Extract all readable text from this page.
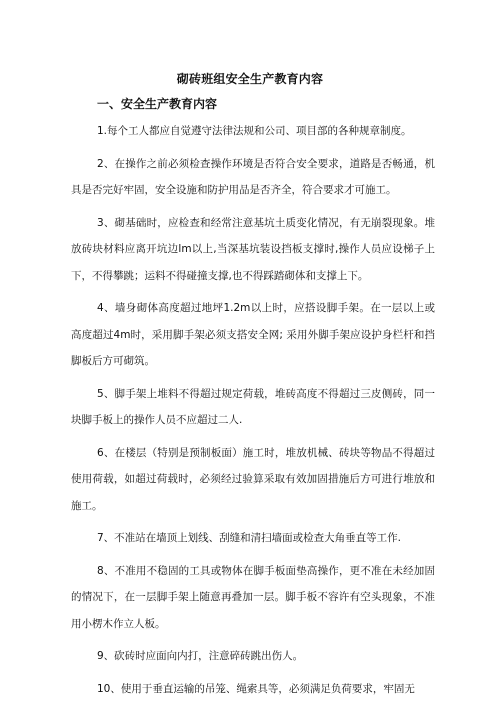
砌砖班组安全生产教育内容
一、安全生产教育内容

1.每个工人都应自觉遵守法律法规和公司、项目部的各种规章制度。

2、在操作之前必须检查操作环境是否符合安全要求，道路是否畅通，机具是否完好牢固，安全设施和防护用品是否齐全，符合要求才可施工。

3、砌基础时，应检查和经常注意基坑土质变化情况，有无崩裂现象。堆放砖块材料应离开坑边lm以上,当深基坑装设挡板支撑时,操作人员应设梯子上下，不得攀跳；运料不得碰撞支撑,也不得踩踏砌体和支撑上下。

4、墙身砌体高度超过地坪1.2m以上时，应搭设脚手架。在一层以上或高度超过4m时，采用脚手架必须支搭安全网; 采用外脚手架应设护身栏杆和挡脚板后方可砌筑。

5、脚手架上堆料不得超过规定荷载，堆砖高度不得超过三皮侧砖，同一块脚手板上的操作人员不应超过二人.

6、在楼层（特别是预制板面）施工时，堆放机械、砖块等物品不得超过使用荷载，如超过荷载时，必须经过验算采取有效加固措施后方可进行堆放和施工。

7、不准站在墙顶上划线、刮缝和清扫墙面或检查大角垂直等工作.

8、不准用不稳固的工具或物体在脚手板面垫高操作，更不准在未经加固的情况下，在一层脚手架上随意再叠加一层。脚手板不容许有空头现象，不准用小楞木作立人板。

9、砍砖时应面向内打，注意碎砖跳出伤人。

10、使用于垂直运输的吊笼、绳索具等，必须满足负荷要求，牢固无
